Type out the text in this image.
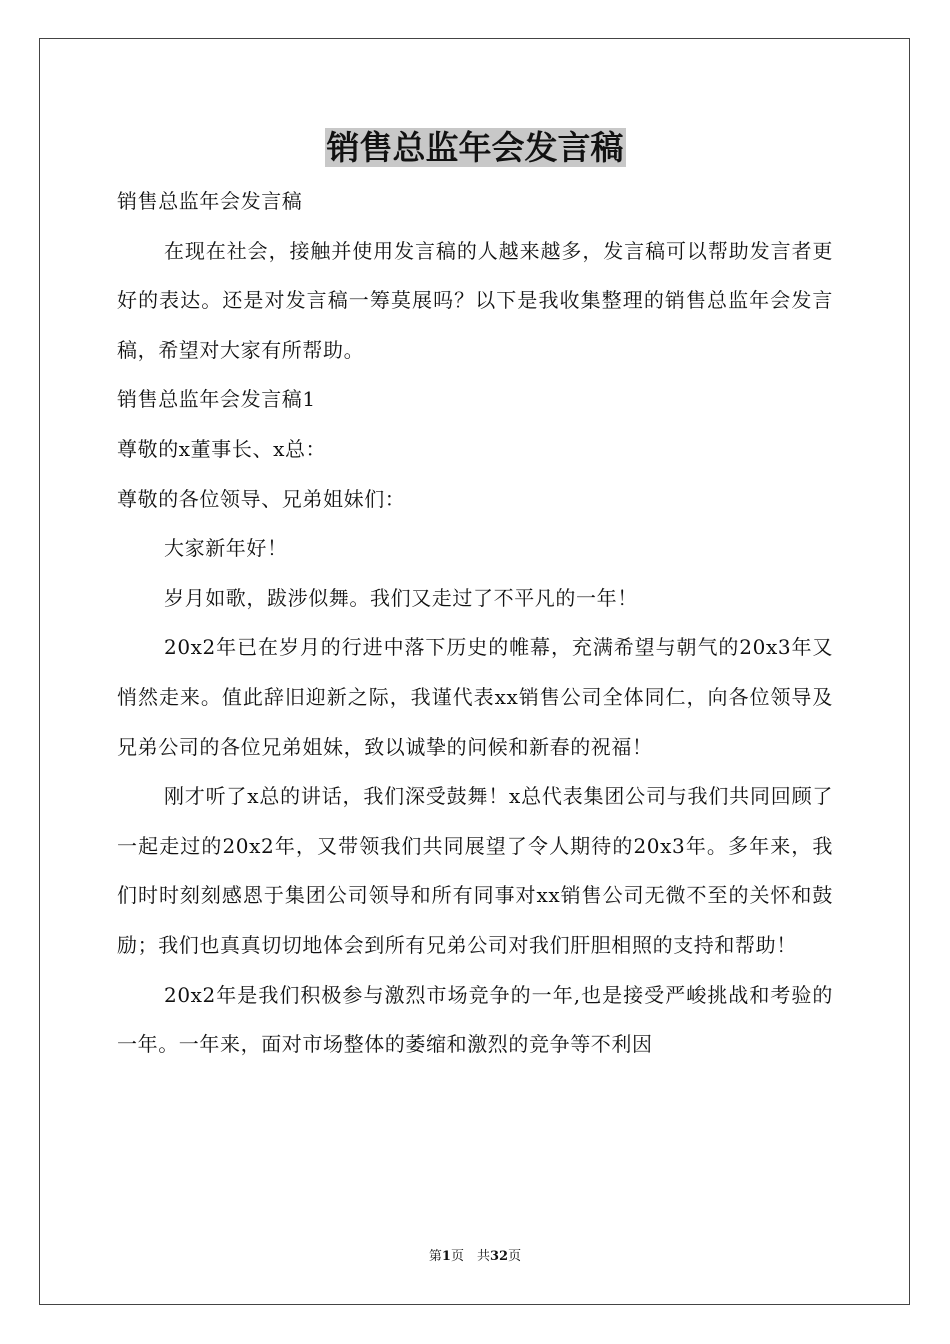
销售总监年会发言稿

销售总监年会发言稿

在现在社会，接触并使用发言稿的人越来越多，发言稿可以帮助发言者更好的表达。还是对发言稿一筹莫展吗？以下是我收集整理的销售总监年会发言稿，希望对大家有所帮助。

销售总监年会发言稿1

尊敬的x董事长、x总：

尊敬的各位领导、兄弟姐妹们：

大家新年好！

岁月如歌，跋涉似舞。我们又走过了不平凡的一年！

20x2年已在岁月的行进中落下历史的帷幕，充满希望与朝气的20x3年又悄然走来。值此辞旧迎新之际，我谨代表xx销售公司全体同仁，向各位领导及兄弟公司的各位兄弟姐妹，致以诚挚的问候和新春的祝福！

刚才听了x总的讲话，我们深受鼓舞！x总代表集团公司与我们共同回顾了一起走过的20x2年，又带领我们共同展望了令人期待的20x3年。多年来，我们时时刻刻感恩于集团公司领导和所有同事对xx销售公司无微不至的关怀和鼓励；我们也真真切切地体会到所有兄弟公司对我们肝胆相照的支持和帮助！

20x2年是我们积极参与激烈市场竞争的一年,也是接受严峻挑战和考验的一年。一年来，面对市场整体的萎缩和激烈的竞争等不利因

第1页　共32页
